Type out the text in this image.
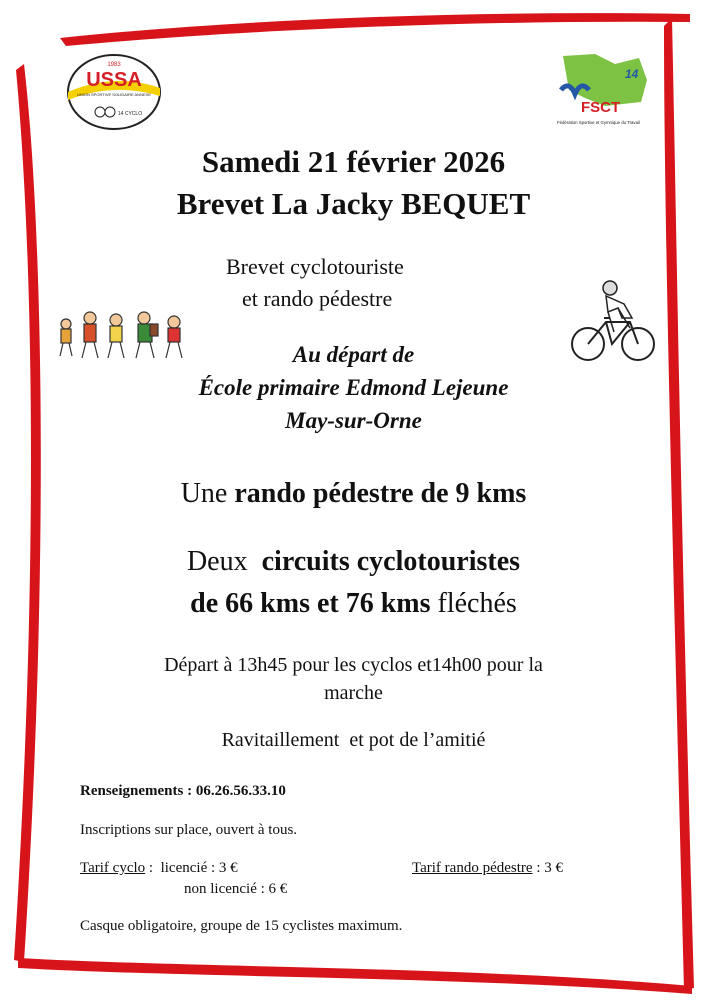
1983
USSA
UNION SPORTIVE SOLIDAIRE ANNEXE
14 CYCLO
14
FSCT
Fédération Sportive et Gymnique du Travail
Samedi 21 février 2026
Brevet La Jacky BEQUET
Brevet cyclotouriste
et rando pédestre
Au départ de
École primaire Edmond Lejeune
May-sur-Orne
Une rando pédestre de 9 kms
Deux  circuits cyclotouristes
de 66 kms et 76 kms fléchés
Départ à 13h45 pour les cyclos et14h00 pour la
marche
Ravitaillement  et pot de l’amitié
Renseignements : 06.26.56.33.10
Inscriptions sur place, ouvert à tous.
Tarif cyclo :  licencié : 3 €
non licencié : 6 €
Tarif rando pédestre : 3 €
Casque obligatoire, groupe de 15 cyclistes maximum.
